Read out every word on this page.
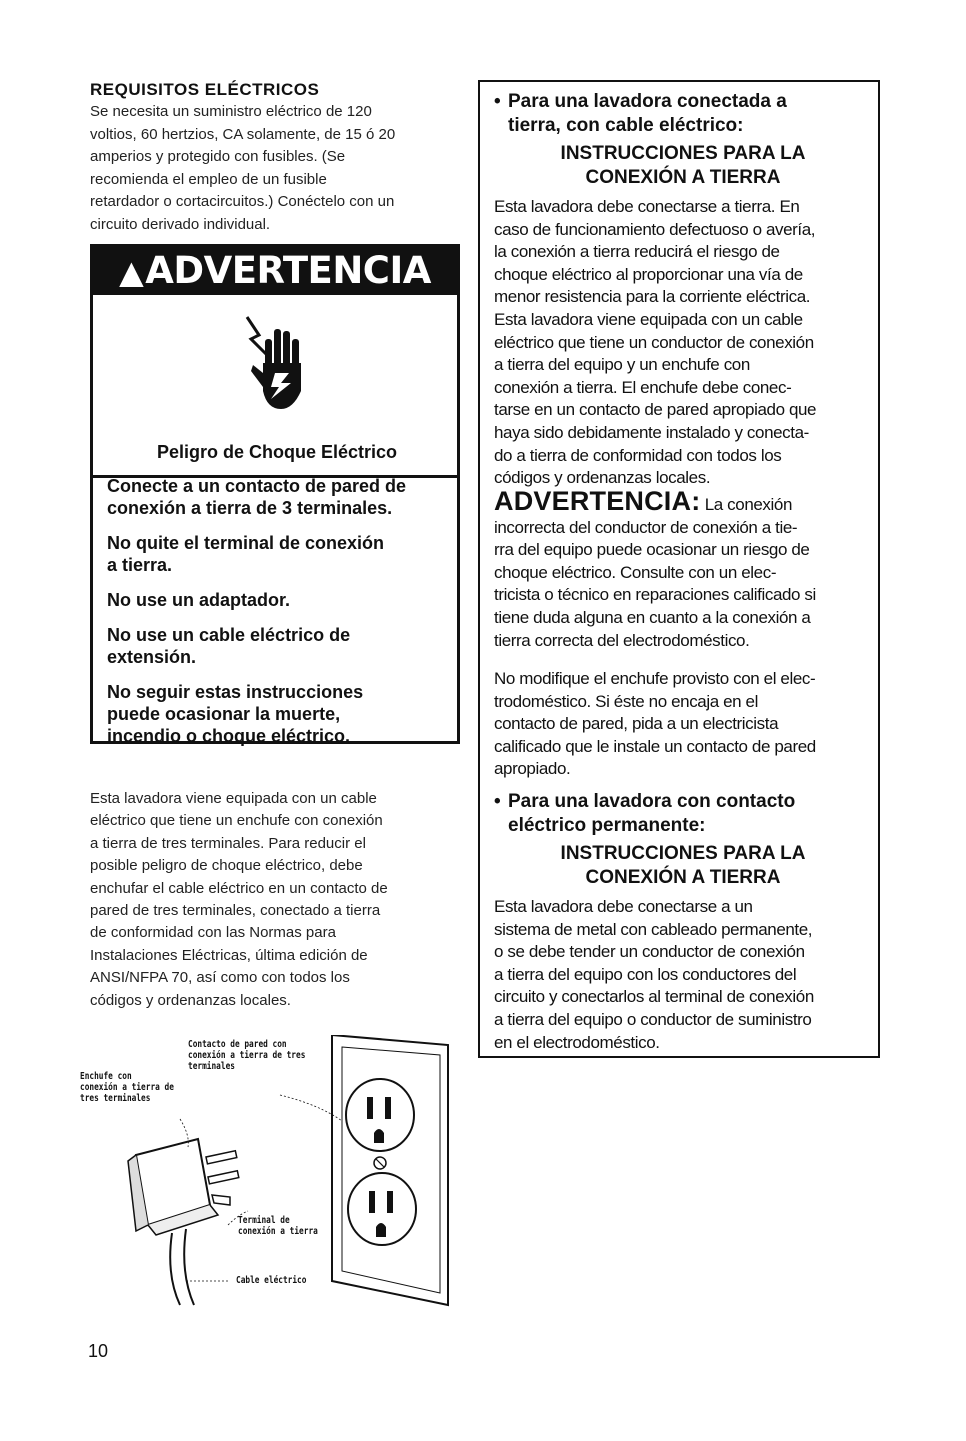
REQUISITOS ELÉCTRICOS
Se necesita un suministro eléctrico de 120
voltios, 60 hertzios, CA solamente, de 15 ó 20
amperios y protegido con fusibles. (Se
recomienda el empleo de un fusible
retardador o cortacircuitos.) Conéctelo con un
circuito derivado individual.
▲ADVERTENCIA
Peligro de Choque Eléctrico
Conecte a un contacto de pared de
conexión a tierra de 3 terminales.
No quite el terminal de conexión
a tierra.
No use un adaptador.
No use un cable eléctrico de
extensión.
No seguir estas instrucciones
puede ocasionar la muerte,
incendio o choque eléctrico.
Esta lavadora viene equipada con un cable
eléctrico que tiene un enchufe con conexión
a tierra de tres terminales. Para reducir el
posible peligro de choque eléctrico, debe
enchufar el cable eléctrico en un contacto de
pared de tres terminales, conectado a tierra
de conformidad con las Normas para
Instalaciones Eléctricas, última edición de
ANSI/NFPA 70, así como con todos los
códigos y ordenanzas locales.
Contacto de pared con
conexión a tierra de tres
terminales
Enchufe con
conexión a tierra de
tres terminales
Terminal de
conexión a tierra
Cable eléctrico
10
• Para una lavadora conectada a
tierra, con cable eléctrico:
INSTRUCCIONES PARA LA
CONEXIÓN A TIERRA
Esta lavadora debe conectarse a tierra. En
caso de funcionamiento defectuoso o avería,
la conexión a tierra reducirá el riesgo de
choque eléctrico al proporcionar una vía de
menor resistencia para la corriente eléctrica.
Esta lavadora viene equipada con un cable
eléctrico que tiene un conductor de conexión
a tierra del equipo y un enchufe con
conexión a tierra. El enchufe debe conec-
tarse en un contacto de pared apropiado que
haya sido debidamente instalado y conecta-
do a tierra de conformidad con todos los
códigos y ordenanzas locales.
ADVERTENCIA: La conexión
incorrecta del conductor de conexión a tie-
rra del equipo puede ocasionar un riesgo de
choque eléctrico. Consulte con un elec-
tricista o técnico en reparaciones calificado si
tiene duda alguna en cuanto a la conexión a
tierra correcta del electrodoméstico.
No modifique el enchufe provisto con el elec-
trodoméstico. Si éste no encaja en el
contacto de pared, pida a un electricista
calificado que le instale un contacto de pared
apropiado.
• Para una lavadora con contacto
eléctrico permanente:
INSTRUCCIONES PARA LA
CONEXIÓN A TIERRA
Esta lavadora debe conectarse a un
sistema de metal con cableado permanente,
o se debe tender un conductor de conexión
a tierra del equipo con los conductores del
circuito y conectarlos al terminal de conexión
a tierra del equipo o conductor de suministro
en el electrodoméstico.
